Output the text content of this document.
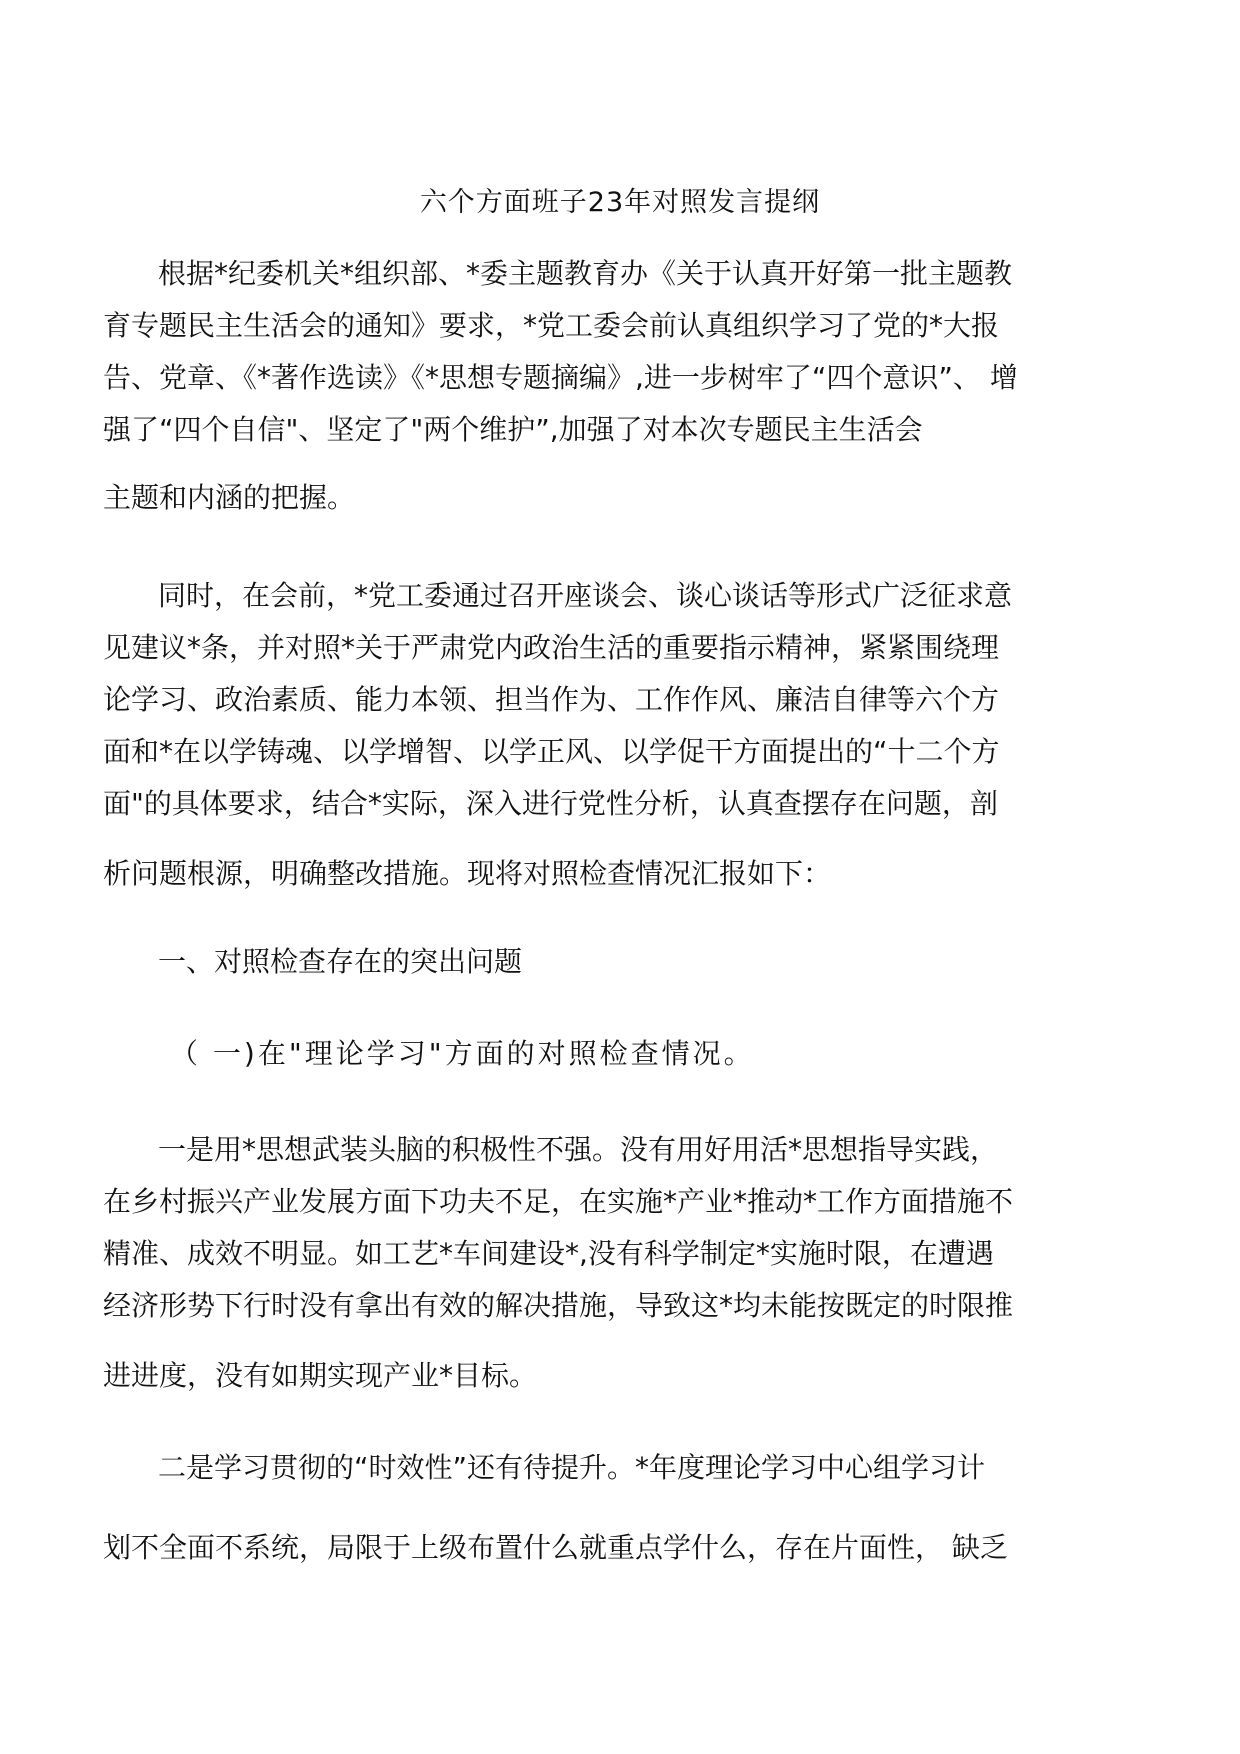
六个方面班子23年对照发言提纲

根据*纪委机关*组织部、*委主题教育办《关于认真开好第一批主题教

育专题民主生活会的通知》要求，*党工委会前认真组织学习了党的*大报

告、党章、《*著作选读》《*思想专题摘编》,进一步树牢了“四个意识”、 增

强了“四个自信"、坚定了"两个维护”,加强了对本次专题民主生活会

主题和内涵的把握。

同时，在会前，*党工委通过召开座谈会、谈心谈话等形式广泛征求意

见建议*条，并对照*关于严肃党内政治生活的重要指示精神，紧紧围绕理

论学习、政治素质、能力本领、担当作为、工作作风、廉洁自律等六个方

面和*在以学铸魂、以学增智、以学正风、以学促干方面提出的“十二个方

面"的具体要求，结合*实际，深入进行党性分析，认真查摆存在问题，剖

析问题根源，明确整改措施。现将对照检查情况汇报如下：

一、对照检查存在的突出问题

（ 一)在"理论学习"方面的对照检查情况。

一是用*思想武装头脑的积极性不强。没有用好用活*思想指导实践，

在乡村振兴产业发展方面下功夫不足，在实施*产业*推动*工作方面措施不

精准、成效不明显。如工艺*车间建设*,没有科学制定*实施时限，在遭遇

经济形势下行时没有拿出有效的解决措施，导致这*均未能按既定的时限推

进进度，没有如期实现产业*目标。

二是学习贯彻的“时效性”还有待提升。*年度理论学习中心组学习计

划不全面不系统，局限于上级布置什么就重点学什么，存在片面性， 缺乏
